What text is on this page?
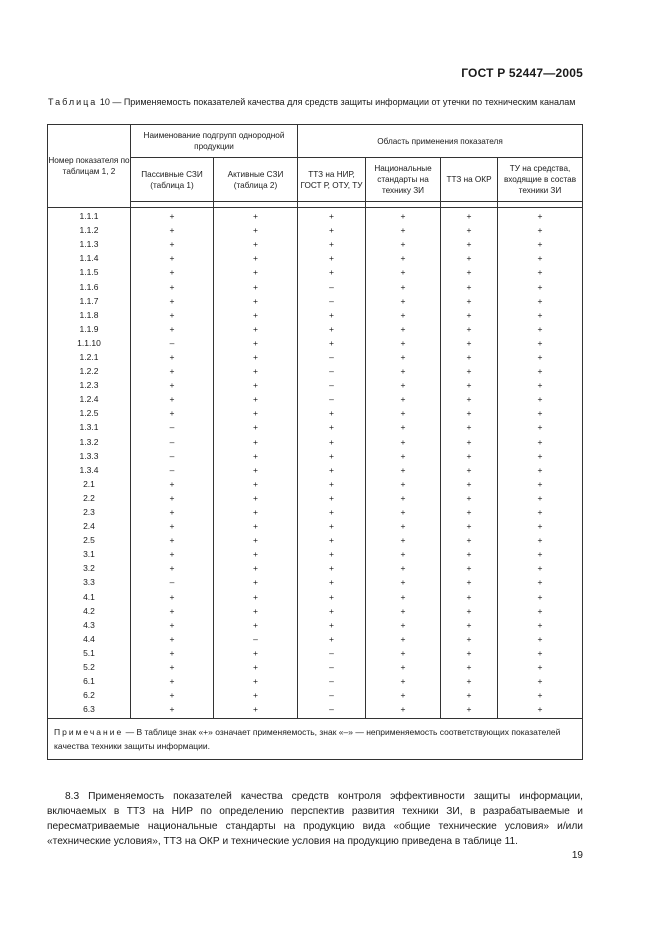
ГОСТ Р 52447—2005
Таблица 10 — Применяемость показателей качества для средств защиты информации от утечки по техническим каналам
Номер показателя по таблицам 1, 2	Наименование подгрупп однородной продукции		Область применения показателя			
	Пассивные СЗИ (таблица 1)	Активные СЗИ (таблица 2)	ТТЗ на НИР, ГОСТ Р, ОТУ, ТУ	Национальные стандарты на технику ЗИ	ТТЗ на ОКР	ТУ на средства, входящие в состав техники ЗИ

1.1.1	+	+	+	+	+	+
1.1.2	+	+	+	+	+	+
1.1.3	+	+	+	+	+	+
1.1.4	+	+	+	+	+	+
1.1.5	+	+	+	+	+	+
1.1.6	+	+	–	+	+	+
1.1.7	+	+	–	+	+	+
1.1.8	+	+	+	+	+	+
1.1.9	+	+	+	+	+	+
1.1.10	–	+	+	+	+	+
1.2.1	+	+	–	+	+	+
1.2.2	+	+	–	+	+	+
1.2.3	+	+	–	+	+	+
1.2.4	+	+	–	+	+	+
1.2.5	+	+	+	+	+	+
1.3.1	–	+	+	+	+	+
1.3.2	–	+	+	+	+	+
1.3.3	–	+	+	+	+	+
1.3.4	–	+	+	+	+	+
2.1	+	+	+	+	+	+
2.2	+	+	+	+	+	+
2.3	+	+	+	+	+	+
2.4	+	+	+	+	+	+
2.5	+	+	+	+	+	+
3.1	+	+	+	+	+	+
3.2	+	+	+	+	+	+
3.3	–	+	+	+	+	+
4.1	+	+	+	+	+	+
4.2	+	+	+	+	+	+
4.3	+	+	+	+	+	+
4.4	+	–	+	+	+	+
5.1	+	+	–	+	+	+
5.2	+	+	–	+	+	+
6.1	+	+	–	+	+	+
6.2	+	+	–	+	+	+
6.3	+	+	–	+	+	+
Примечание — В таблице знак «+» означает применяемость, знак «–» — неприменяемость соответствующих показателей качества техники защиты информации.						
8.3 Применяемость показателей качества средств контроля эффективности защиты информации, включаемых в ТТЗ на НИР по определению перспектив развития техники ЗИ, в разрабатываемые и пересматриваемые национальные стандарты на продукцию вида «общие технические условия» и/или «технические условия», ТТЗ на ОКР и технические условия на продукцию приведена в таблице 11.
19
